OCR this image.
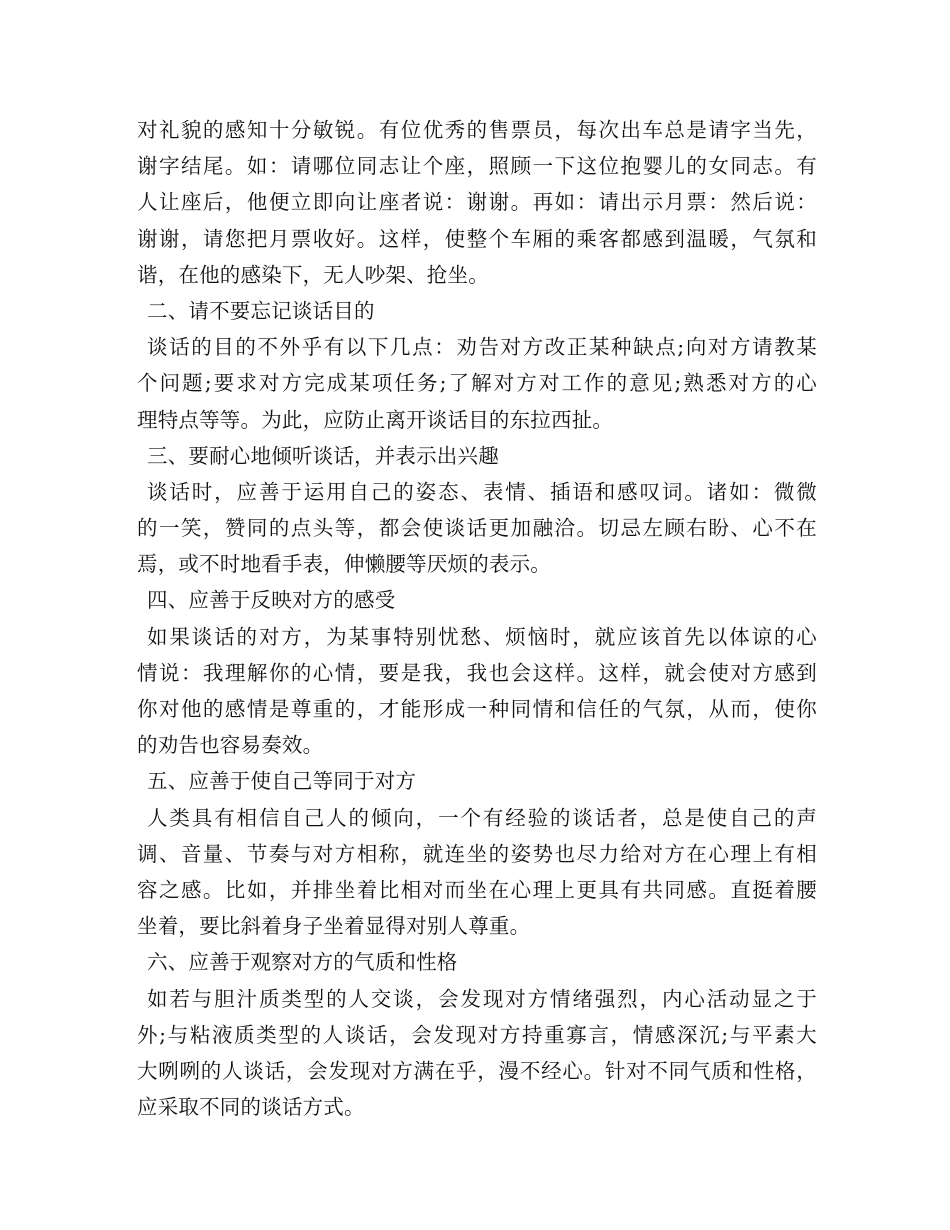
对礼貌的感知十分敏锐。有位优秀的售票员，每次出车总是请字当先，
谢字结尾。如：请哪位同志让个座，照顾一下这位抱婴儿的女同志。有
人让座后，他便立即向让座者说：谢谢。再如：请出示月票：然后说：
谢谢，请您把月票收好。这样，使整个车厢的乘客都感到温暖，气氛和
谐，在他的感染下，无人吵架、抢坐。
二、请不要忘记谈话目的
谈话的目的不外乎有以下几点：劝告对方改正某种缺点;向对方请教某
个问题;要求对方完成某项任务;了解对方对工作的意见;熟悉对方的心
理特点等等。为此，应防止离开谈话目的东拉西扯。
三、要耐心地倾听谈话，并表示出兴趣
谈话时，应善于运用自己的姿态、表情、插语和感叹词。诸如：微微
的一笑，赞同的点头等，都会使谈话更加融洽。切忌左顾右盼、心不在
焉，或不时地看手表，伸懒腰等厌烦的表示。
四、应善于反映对方的感受
如果谈话的对方，为某事特别忧愁、烦恼时，就应该首先以体谅的心
情说：我理解你的心情，要是我，我也会这样。这样，就会使对方感到
你对他的感情是尊重的，才能形成一种同情和信任的气氛，从而，使你
的劝告也容易奏效。
五、应善于使自己等同于对方
人类具有相信自己人的倾向，一个有经验的谈话者，总是使自己的声
调、音量、节奏与对方相称，就连坐的姿势也尽力给对方在心理上有相
容之感。比如，并排坐着比相对而坐在心理上更具有共同感。直挺着腰
坐着，要比斜着身子坐着显得对别人尊重。
六、应善于观察对方的气质和性格
如若与胆汁质类型的人交谈，会发现对方情绪强烈，内心活动显之于
外;与粘液质类型的人谈话，会发现对方持重寡言，情感深沉;与平素大
大咧咧的人谈话，会发现对方满在乎，漫不经心。针对不同气质和性格，
应采取不同的谈话方式。
